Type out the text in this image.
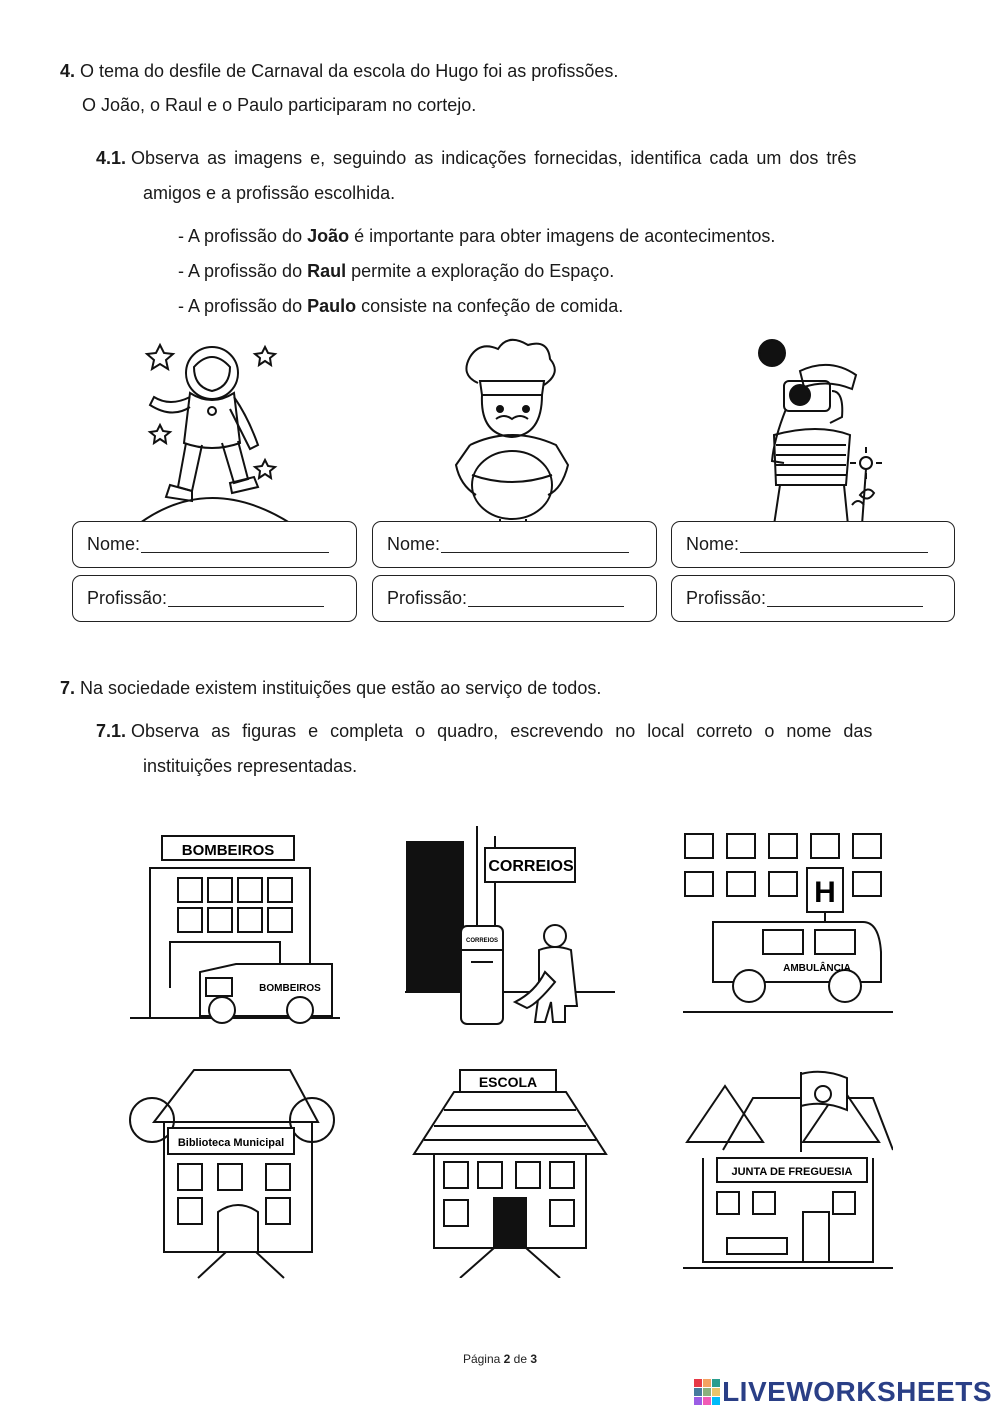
4. O tema do desfile de Carnaval da escola do Hugo foi as profissões.
O João, o Raul e o Paulo participaram no cortejo.
4.1. Observa as imagens e, seguindo as indicações fornecidas, identifica cada um dos três
amigos e a profissão escolhida.
- A profissão do João é importante para obter imagens de acontecimentos.
- A profissão do Raul permite a exploração do Espaço.
- A profissão do Paulo consiste na confeção de comida.
Nome:	Nome:	Nome:
Profissão:	Profissão:	Profissão:
7. Na sociedade existem instituições que estão ao serviço de todos.
7.1. Observa as figuras e completa o quadro, escrevendo no local correto o nome das
instituições representadas.
BOMBEIROS
BOMBEIROS
CORREIOS
CORREIOS
H
AMBULÂNCIA
Biblioteca Municipal
ESCOLA
JUNTA DE FREGUESIA
Página 2 de 3
LIVEWORKSHEETS
